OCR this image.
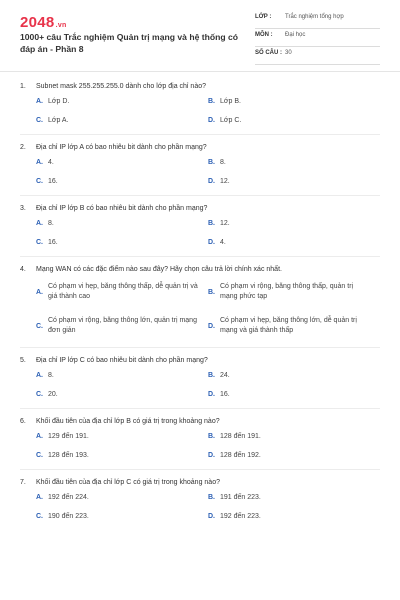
2048.vn
1000+ câu Trắc nghiệm Quản trị mạng và hệ thống có đáp án - Phần 8
LỚP :	Trắc nghiệm tổng hợp
MÔN :	Đại học
SỐ CÂU : 30
1.	Subnet mask 255.255.255.0 dành cho lớp địa chỉ nào?
A. Lớp D.	B. Lớp B.
C. Lớp A.	D. Lớp C.
2.	Địa chỉ IP lớp A có bao nhiêu bit dành cho phần mạng?
A. 4.	B. 8.
C. 16.	D. 12.
3.	Địa chỉ IP lớp B có bao nhiêu bit dành cho phần mạng?
A. 8.	B. 12.
C. 16.	D. 4.
4.	Mạng WAN có các đặc điểm nào sau đây? Hãy chọn câu trả lời chính xác nhất.
A.
Có phạm vi hẹp, băng thông thấp, dễ quản trị và giá thành cao
B.
Có phạm vi rộng, băng thông thấp, quản trị mạng phức tạp
C.
Có phạm vi rộng, băng thông lớn, quản trị mạng đơn giản
D.
Có phạm vi hẹp, băng thông lớn, dễ quản trị mạng và giá thành thấp
5.	Địa chỉ IP lớp C có bao nhiêu bit dành cho phần mạng?
A. 8.	B. 24.
C. 20.	D. 16.
6.	Khối đầu tiên của địa chỉ lớp B có giá trị trong khoảng nào?
A. 129 đến 191.	B. 128 đến 191.
C. 128 đến 193.	D. 128 đến 192.
7.	Khối đầu tiên của địa chỉ lớp C có giá trị trong khoảng nào?
A. 192 đến 224.	B. 191 đến 223.
C. 190 đến 223.	D. 192 đến 223.
